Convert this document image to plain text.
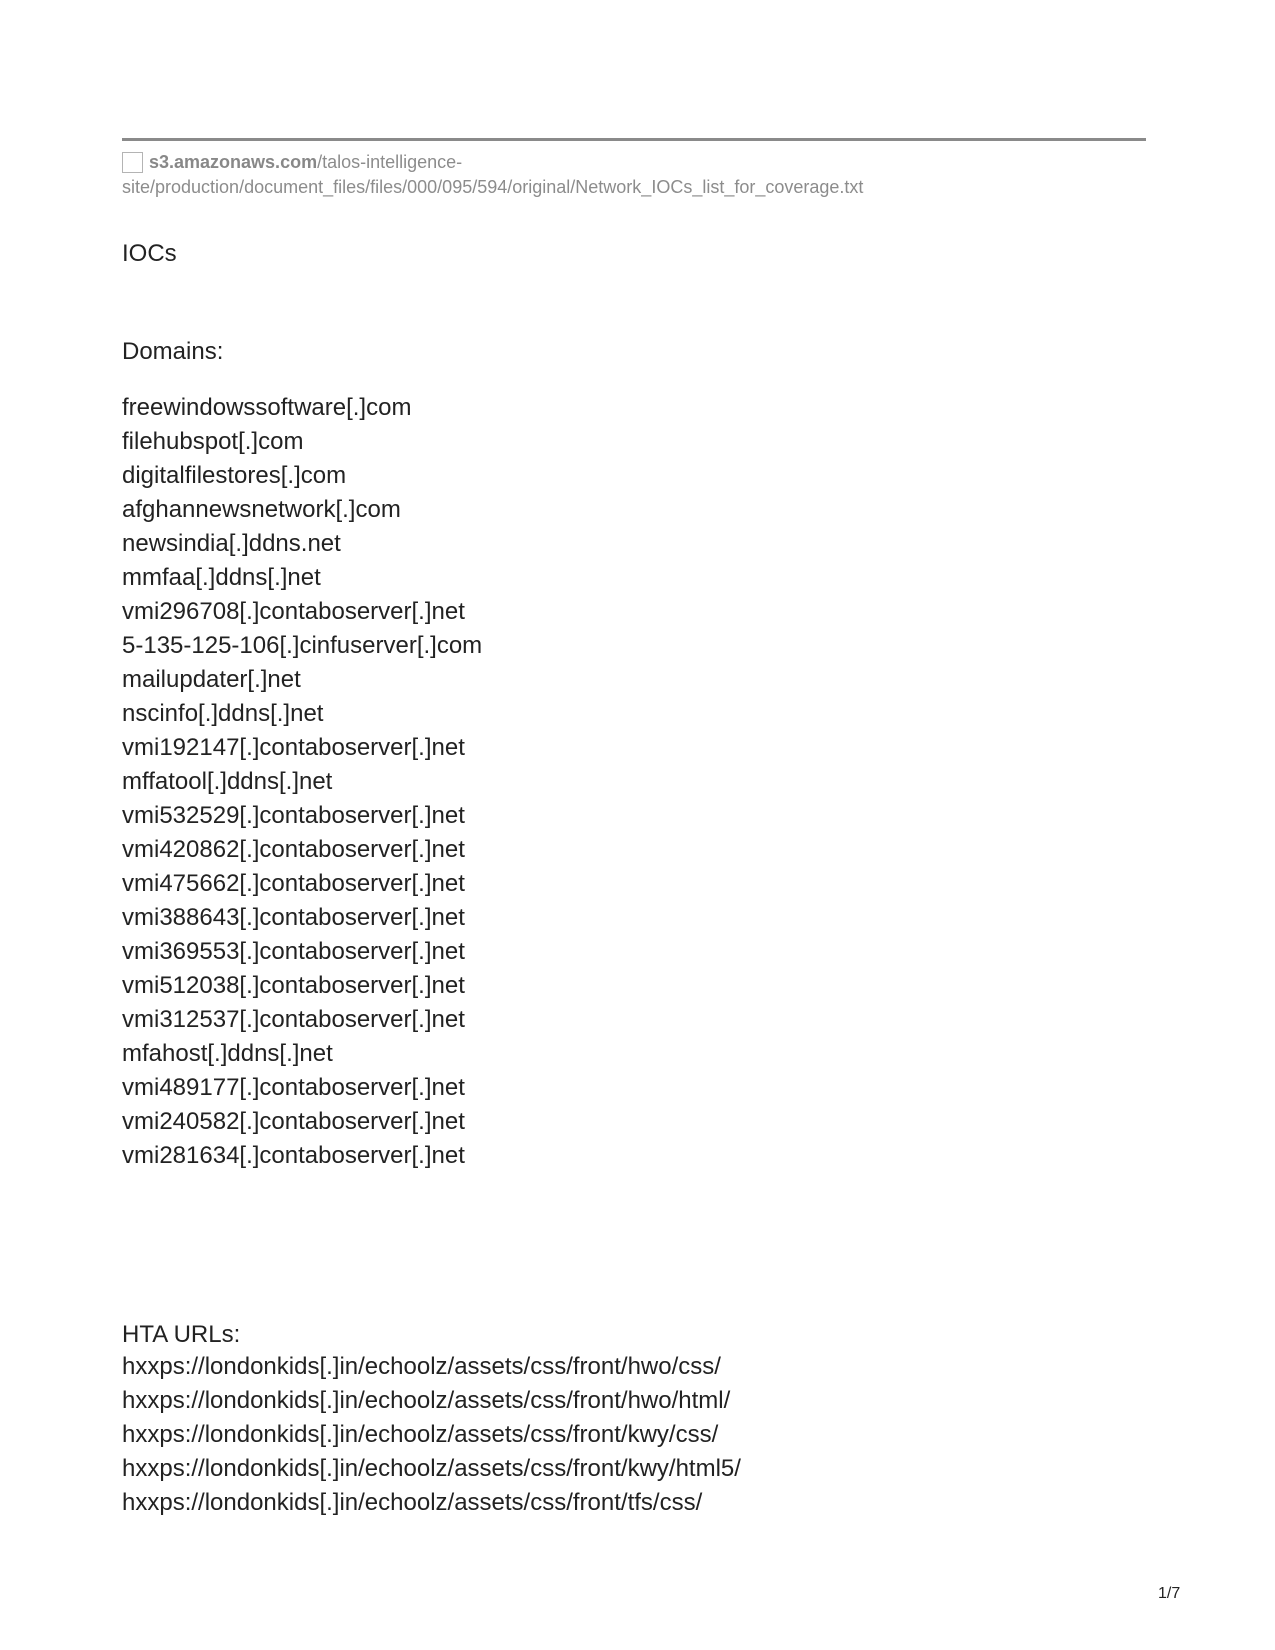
s3.amazonaws.com/talos-intelligence-
site/production/document_files/files/000/095/594/original/Network_IOCs_list_for_coverage.txt
IOCs
Domains:
freewindowssoftware[.]com
filehubspot[.]com
digitalfilestores[.]com
afghannewsnetwork[.]com
newsindia[.]ddns.net
mmfaa[.]ddns[.]net
vmi296708[.]contaboserver[.]net
5-135-125-106[.]cinfuserver[.]com
mailupdater[.]net
nscinfo[.]ddns[.]net
vmi192147[.]contaboserver[.]net
mffatool[.]ddns[.]net
vmi532529[.]contaboserver[.]net
vmi420862[.]contaboserver[.]net
vmi475662[.]contaboserver[.]net
vmi388643[.]contaboserver[.]net
vmi369553[.]contaboserver[.]net
vmi512038[.]contaboserver[.]net
vmi312537[.]contaboserver[.]net
mfahost[.]ddns[.]net
vmi489177[.]contaboserver[.]net
vmi240582[.]contaboserver[.]net
vmi281634[.]contaboserver[.]net
HTA URLs:
hxxps://londonkids[.]in/echoolz/assets/css/front/hwo/css/
hxxps://londonkids[.]in/echoolz/assets/css/front/hwo/html/
hxxps://londonkids[.]in/echoolz/assets/css/front/kwy/css/
hxxps://londonkids[.]in/echoolz/assets/css/front/kwy/html5/
hxxps://londonkids[.]in/echoolz/assets/css/front/tfs/css/
1/7
